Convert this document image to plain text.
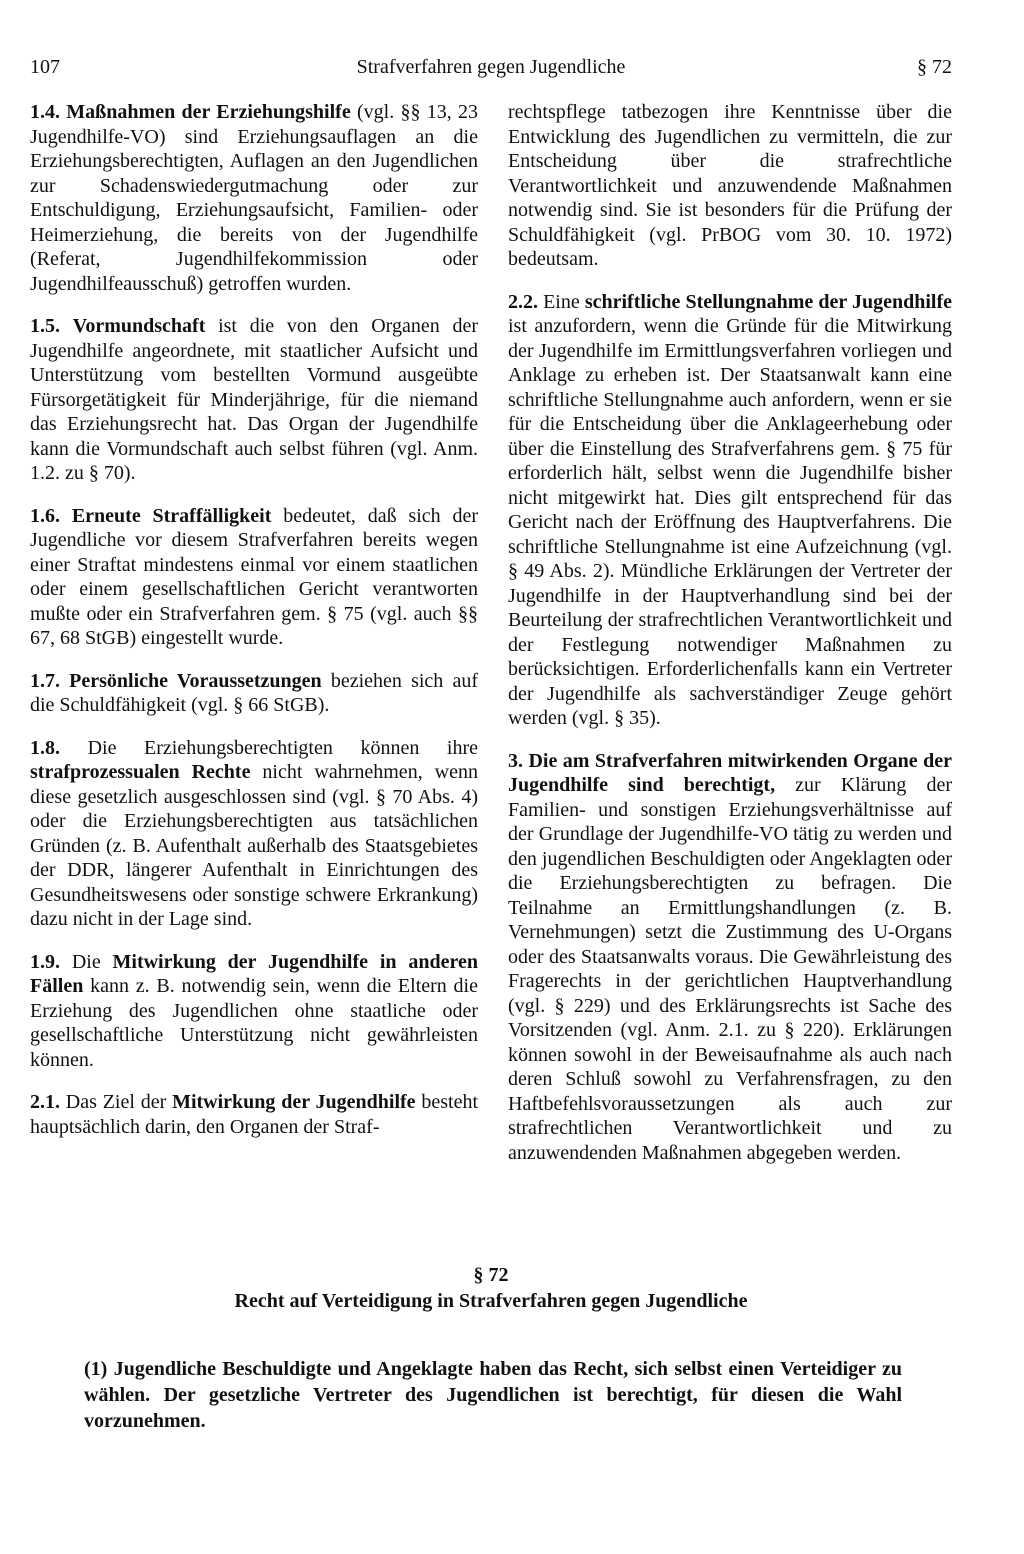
107	Strafverfahren gegen Jugendliche	§ 72

1.4. Maßnahmen der Erziehungshilfe (vgl. §§ 13, 23 Jugendhilfe-VO) sind Erziehungsauflagen an die Erziehungsberechtigten, Auflagen an den Jugendlichen zur Schadenswiedergutmachung oder zur Entschuldigung, Erziehungsaufsicht, Familien- oder Heimerziehung, die bereits von der Jugendhilfe (Referat, Jugendhilfekommission oder Jugendhilfeausschuß) getroffen wurden.

1.5. Vormundschaft ist die von den Organen der Jugendhilfe angeordnete, mit staatlicher Aufsicht und Unterstützung vom bestellten Vormund ausgeübte Fürsorgetätigkeit für Minderjährige, für die niemand das Erziehungsrecht hat. Das Organ der Jugendhilfe kann die Vormundschaft auch selbst führen (vgl. Anm. 1.2. zu § 70).

1.6. Erneute Straffälligkeit bedeutet, daß sich der Jugendliche vor diesem Strafverfahren bereits wegen einer Straftat mindestens einmal vor einem staatlichen oder einem gesellschaftlichen Gericht verantworten mußte oder ein Strafverfahren gem. § 75 (vgl. auch §§ 67, 68 StGB) eingestellt wurde.

1.7. Persönliche Voraussetzungen beziehen sich auf die Schuldfähigkeit (vgl. § 66 StGB).

1.8. Die Erziehungsberechtigten können ihre strafprozessualen Rechte nicht wahrnehmen, wenn diese gesetzlich ausgeschlossen sind (vgl. § 70 Abs. 4) oder die Erziehungsberechtigten aus tatsächlichen Gründen (z. B. Aufenthalt außerhalb des Staatsgebietes der DDR, längerer Aufenthalt in Einrichtungen des Gesundheitswesens oder sonstige schwere Erkrankung) dazu nicht in der Lage sind.

1.9. Die Mitwirkung der Jugendhilfe in anderen Fällen kann z. B. notwendig sein, wenn die Eltern die Erziehung des Jugendlichen ohne staatliche oder gesellschaftliche Unterstützung nicht gewährleisten können.

2.1. Das Ziel der Mitwirkung der Jugendhilfe besteht hauptsächlich darin, den Organen der Straf-

rechtspflege tatbezogen ihre Kenntnisse über die Entwicklung des Jugendlichen zu vermitteln, die zur Entscheidung über die strafrechtliche Verantwortlichkeit und anzuwendende Maßnahmen notwendig sind. Sie ist besonders für die Prüfung der Schuldfähigkeit (vgl. PrBOG vom 30. 10. 1972) bedeutsam.

2.2. Eine schriftliche Stellungnahme der Jugendhilfe ist anzufordern, wenn die Gründe für die Mitwirkung der Jugendhilfe im Ermittlungsverfahren vorliegen und Anklage zu erheben ist. Der Staatsanwalt kann eine schriftliche Stellungnahme auch anfordern, wenn er sie für die Entscheidung über die Anklageerhebung oder über die Einstellung des Strafverfahrens gem. § 75 für erforderlich hält, selbst wenn die Jugendhilfe bisher nicht mitgewirkt hat. Dies gilt entsprechend für das Gericht nach der Eröffnung des Hauptverfahrens. Die schriftliche Stellungnahme ist eine Aufzeichnung (vgl. § 49 Abs. 2). Mündliche Erklärungen der Vertreter der Jugendhilfe in der Hauptverhandlung sind bei der Beurteilung der strafrechtlichen Verantwortlichkeit und der Festlegung notwendiger Maßnahmen zu berücksichtigen. Erforderlichenfalls kann ein Vertreter der Jugendhilfe als sachverständiger Zeuge gehört werden (vgl. § 35).

3. Die am Strafverfahren mitwirkenden Organe der Jugendhilfe sind berechtigt, zur Klärung der Familien- und sonstigen Erziehungsverhältnisse auf der Grundlage der Jugendhilfe-VO tätig zu werden und den jugendlichen Beschuldigten oder Angeklagten oder die Erziehungsberechtigten zu befragen. Die Teilnahme an Ermittlungshandlungen (z. B. Vernehmungen) setzt die Zustimmung des U-Organs oder des Staatsanwalts voraus. Die Gewährleistung des Fragerechts in der gerichtlichen Hauptverhandlung (vgl. § 229) und des Erklärungsrechts ist Sache des Vorsitzenden (vgl. Anm. 2.1. zu § 220). Erklärungen können sowohl in der Beweisaufnahme als auch nach deren Schluß sowohl zu Verfahrensfragen, zu den Haftbefehlsvoraussetzungen als auch zur strafrechtlichen Verantwortlichkeit und zu anzuwendenden Maßnahmen abgegeben werden.

§ 72
Recht auf Verteidigung in Strafverfahren gegen Jugendliche

(1) Jugendliche Beschuldigte und Angeklagte haben das Recht, sich selbst einen Verteidiger zu wählen. Der gesetzliche Vertreter des Jugendlichen ist berechtigt, für diesen die Wahl vorzunehmen.
